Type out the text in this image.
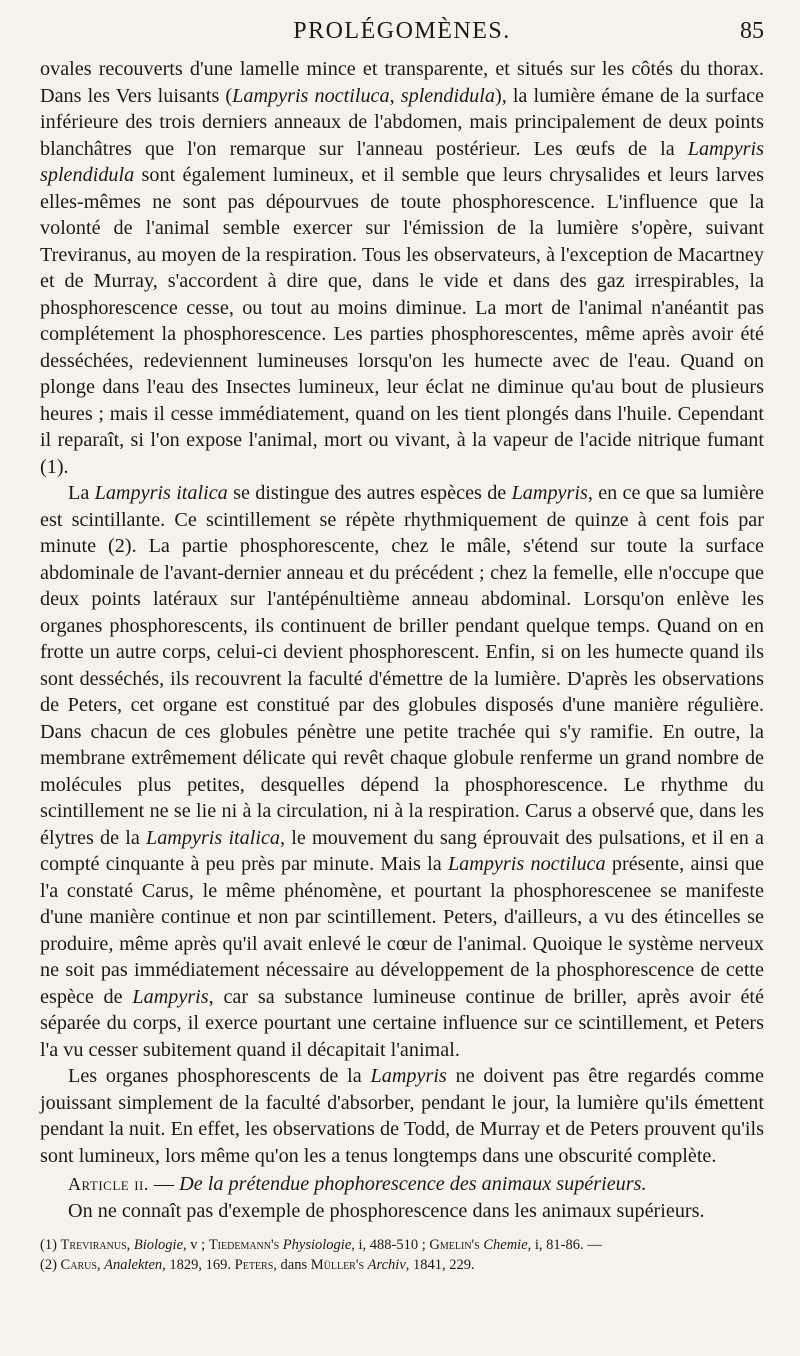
PROLÉGOMÈNES.	85

ovales recouverts d'une lamelle mince et transparente, et situés sur les côtés du thorax. Dans les Vers luisants (Lampyris noctiluca, splendidula), la lumière émane de la surface inférieure des trois derniers anneaux de l'abdomen, mais principalement de deux points blanchâtres que l'on remarque sur l'anneau postérieur. Les œufs de la Lampyris splendidula sont également lumineux, et il semble que leurs chrysalides et leurs larves elles-mêmes ne sont pas dépourvues de toute phosphorescence. L'influence que la volonté de l'animal semble exercer sur l'émission de la lumière s'opère, suivant Treviranus, au moyen de la respiration. Tous les observateurs, à l'exception de Macartney et de Murray, s'accordent à dire que, dans le vide et dans des gaz irrespirables, la phosphorescence cesse, ou tout au moins diminue. La mort de l'animal n'anéantit pas complétement la phosphorescence. Les parties phosphorescentes, même après avoir été desséchées, redeviennent lumineuses lorsqu'on les humecte avec de l'eau. Quand on plonge dans l'eau des Insectes lumineux, leur éclat ne diminue qu'au bout de plusieurs heures ; mais il cesse immédiatement, quand on les tient plongés dans l'huile. Cependant il reparaît, si l'on expose l'animal, mort ou vivant, à la vapeur de l'acide nitrique fumant (1).

La Lampyris italica se distingue des autres espèces de Lampyris, en ce que sa lumière est scintillante. Ce scintillement se répète rhythmiquement de quinze à cent fois par minute (2). La partie phosphorescente, chez le mâle, s'étend sur toute la surface abdominale de l'avant-dernier anneau et du précédent ; chez la femelle, elle n'occupe que deux points latéraux sur l'antépénultième anneau abdominal. Lorsqu'on enlève les organes phosphorescents, ils continuent de briller pendant quelque temps. Quand on en frotte un autre corps, celui-ci devient phosphorescent. Enfin, si on les humecte quand ils sont desséchés, ils recouvrent la faculté d'émettre de la lumière. D'après les observations de Peters, cet organe est constitué par des globules disposés d'une manière régulière. Dans chacun de ces globules pénètre une petite trachée qui s'y ramifie. En outre, la membrane extrêmement délicate qui revêt chaque globule renferme un grand nombre de molécules plus petites, desquelles dépend la phosphorescence. Le rhythme du scintillement ne se lie ni à la circulation, ni à la respiration. Carus a observé que, dans les élytres de la Lampyris italica, le mouvement du sang éprouvait des pulsations, et il en a compté cinquante à peu près par minute. Mais la Lampyris noctiluca présente, ainsi que l'a constaté Carus, le même phénomène, et pourtant la phosphorescenee se manifeste d'une manière continue et non par scintillement. Peters, d'ailleurs, a vu des étincelles se produire, même après qu'il avait enlevé le cœur de l'animal. Quoique le système nerveux ne soit pas immédiatement nécessaire au développement de la phosphorescence de cette espèce de Lampyris, car sa substance lumineuse continue de briller, après avoir été séparée du corps, il exerce pourtant une certaine influence sur ce scintillement, et Peters l'a vu cesser subitement quand il décapitait l'animal.

Les organes phosphorescents de la Lampyris ne doivent pas être regardés comme jouissant simplement de la faculté d'absorber, pendant le jour, la lumière qu'ils émettent pendant la nuit. En effet, les observations de Todd, de Murray et de Peters prouvent qu'ils sont lumineux, lors même qu'on les a tenus longtemps dans une obscurité complète.

Article ii. — De la prétendue phophorescence des animaux supérieurs.

On ne connaît pas d'exemple de phosphorescence dans les animaux supérieurs.

(1) Treviranus, Biologie, v ; Tiedemann's Physiologie, i, 488-510 ; Gmelin's Chemie, i, 81-86. —

(2) Carus, Analekten, 1829, 169. Peters, dans Müller's Archiv, 1841, 229.
